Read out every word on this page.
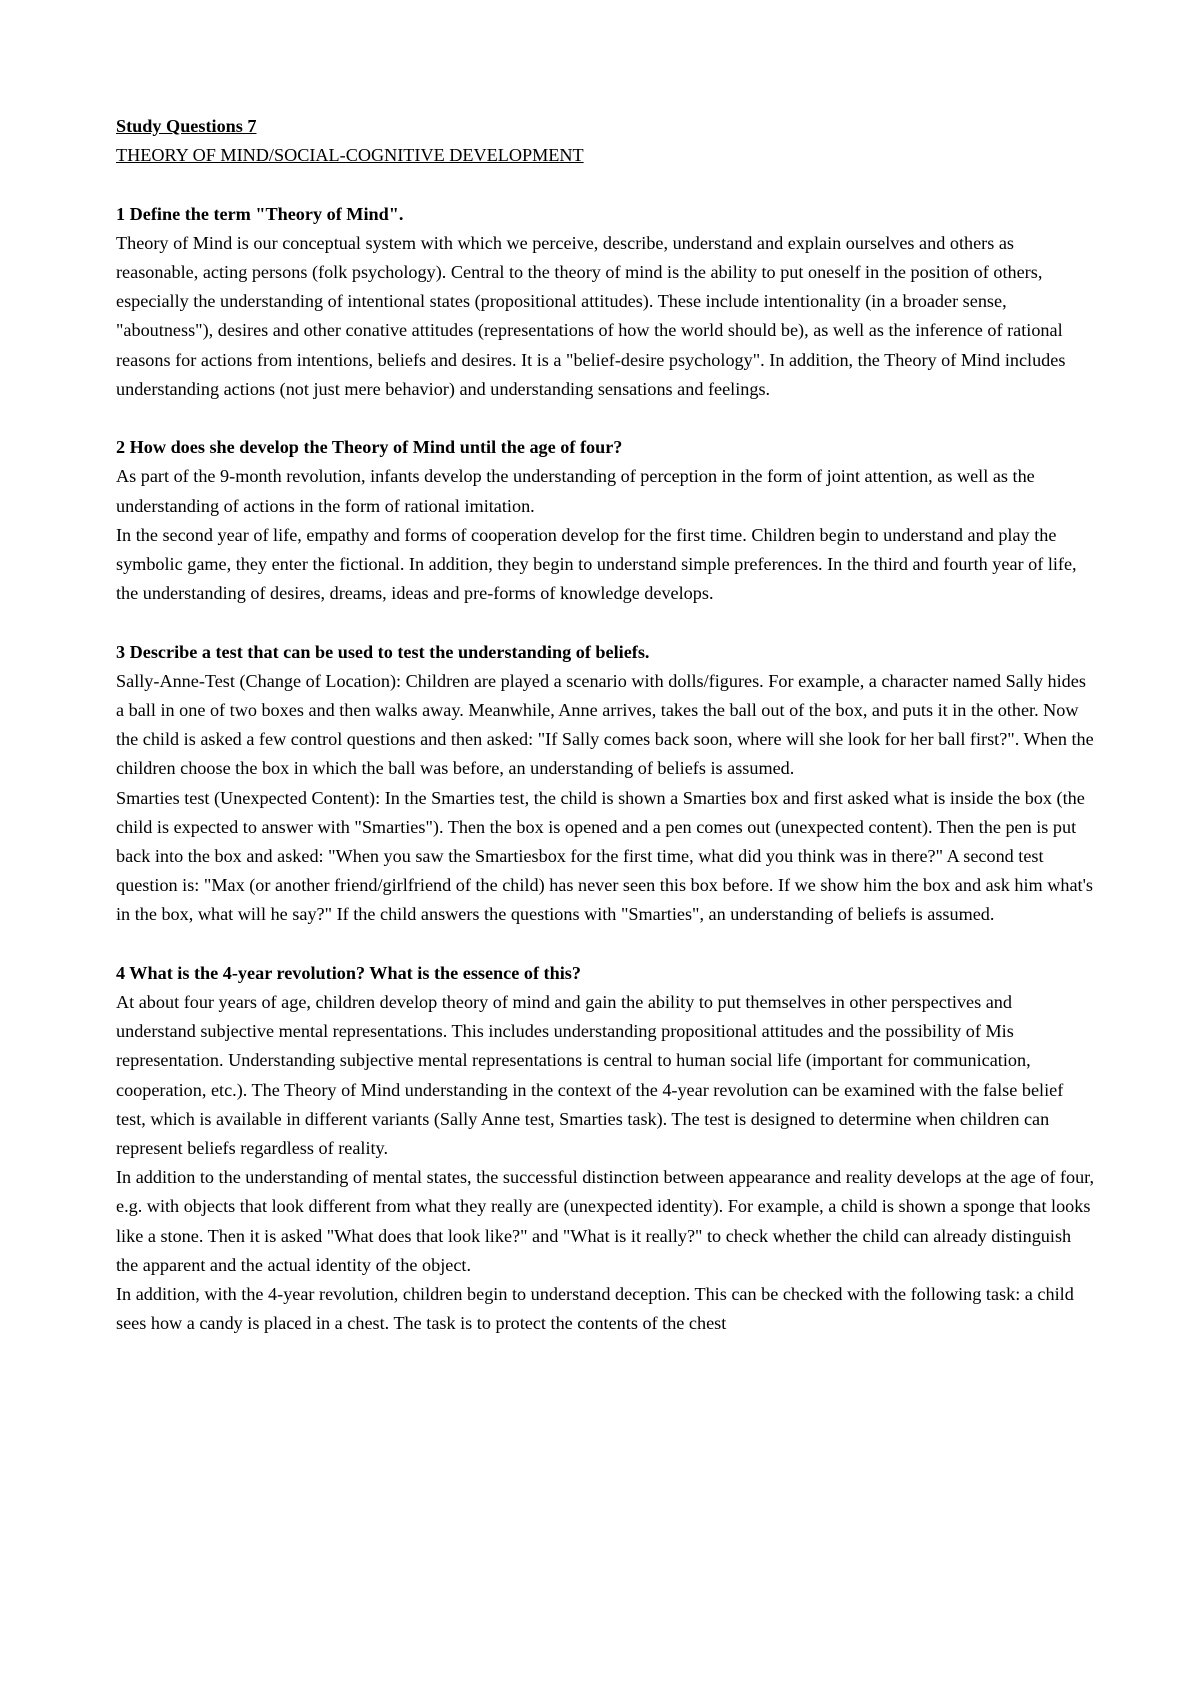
Study Questions 7

THEORY OF MIND/SOCIAL-COGNITIVE DEVELOPMENT

1 Define the term "Theory of Mind".

Theory of Mind is our conceptual system with which we perceive, describe, understand and explain ourselves and others as reasonable, acting persons (folk psychology). Central to the theory of mind is the ability to put oneself in the position of others, especially the understanding of intentional states (propositional attitudes). These include intentionality (in a broader sense, "aboutness"), desires and other conative attitudes (representations of how the world should be), as well as the inference of rational reasons for actions from intentions, beliefs and desires. It is a "belief-desire psychology". In addition, the Theory of Mind includes understanding actions (not just mere behavior) and understanding sensations and feelings.

2 How does she develop the Theory of Mind until the age of four?

As part of the 9-month revolution, infants develop the understanding of perception in the form of joint attention, as well as the understanding of actions in the form of rational imitation.

In the second year of life, empathy and forms of cooperation develop for the first time. Children begin to understand and play the symbolic game, they enter the fictional. In addition, they begin to understand simple preferences. In the third and fourth year of life, the understanding of desires, dreams, ideas and pre-forms of knowledge develops.

3 Describe a test that can be used to test the understanding of beliefs.

Sally-Anne-Test (Change of Location): Children are played a scenario with dolls/figures. For example, a character named Sally hides a ball in one of two boxes and then walks away. Meanwhile, Anne arrives, takes the ball out of the box, and puts it in the other. Now the child is asked a few control questions and then asked: "If Sally comes back soon, where will she look for her ball first?". When the children choose the box in which the ball was before, an understanding of beliefs is assumed.

Smarties test (Unexpected Content): In the Smarties test, the child is shown a Smarties box and first asked what is inside the box (the child is expected to answer with "Smarties"). Then the box is opened and a pen comes out (unexpected content). Then the pen is put back into the box and asked: "When you saw the Smartiesbox for the first time, what did you think was in there?" A second test question is: "Max (or another friend/girlfriend of the child) has never seen this box before. If we show him the box and ask him what's in the box, what will he say?" If the child answers the questions with "Smarties", an understanding of beliefs is assumed.

4 What is the 4-year revolution? What is the essence of this?

At about four years of age, children develop theory of mind and gain the ability to put themselves in other perspectives and understand subjective mental representations. This includes understanding propositional attitudes and the possibility of Mis representation. Understanding subjective mental representations is central to human social life (important for communication, cooperation, etc.). The Theory of Mind understanding in the context of the 4-year revolution can be examined with the false belief test, which is available in different variants (Sally Anne test, Smarties task). The test is designed to determine when children can represent beliefs regardless of reality.

In addition to the understanding of mental states, the successful distinction between appearance and reality develops at the age of four, e.g. with objects that look different from what they really are (unexpected identity). For example, a child is shown a sponge that looks like a stone. Then it is asked "What does that look like?" and "What is it really?" to check whether the child can already distinguish the apparent and the actual identity of the object.

In addition, with the 4-year revolution, children begin to understand deception. This can be checked with the following task: a child sees how a candy is placed in a chest. The task is to protect the contents of the chest
